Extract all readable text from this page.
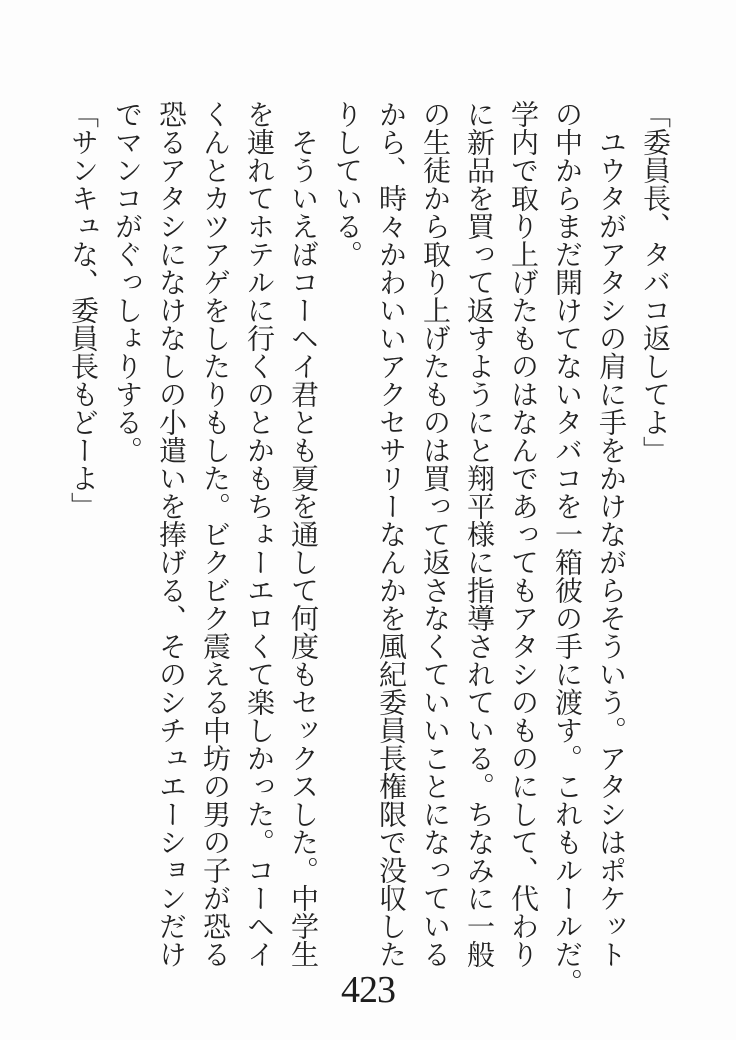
「委員長、タバコ返してよ」

　ユウタがアタシの肩に手をかけながらそういう。アタシはポケット

の中からまだ開けてないタバコを一箱彼の手に渡す。これもルールだ。

学内で取り上げたものはなんであってもアタシのものにして、代わり

に新品を買って返すようにと翔平様に指導されている。ちなみに一般

の生徒から取り上げたものは買って返さなくていいことになっている

から、時々かわいいアクセサリーなんかを風紀委員長権限で没収した

りしている。

　そういえばコーヘイ君とも夏を通して何度もセックスした。中学生

を連れてホテルに行くのとかもちょーエロくて楽しかった。コーヘイ

くんとカツアゲをしたりもした。ビクビク震える中坊の男の子が恐る

恐るアタシになけなしの小遣いを捧げる、そのシチュエーションだけ

でマンコがぐっしょりする。

「サンキュな、委員長もどーよ」

423
